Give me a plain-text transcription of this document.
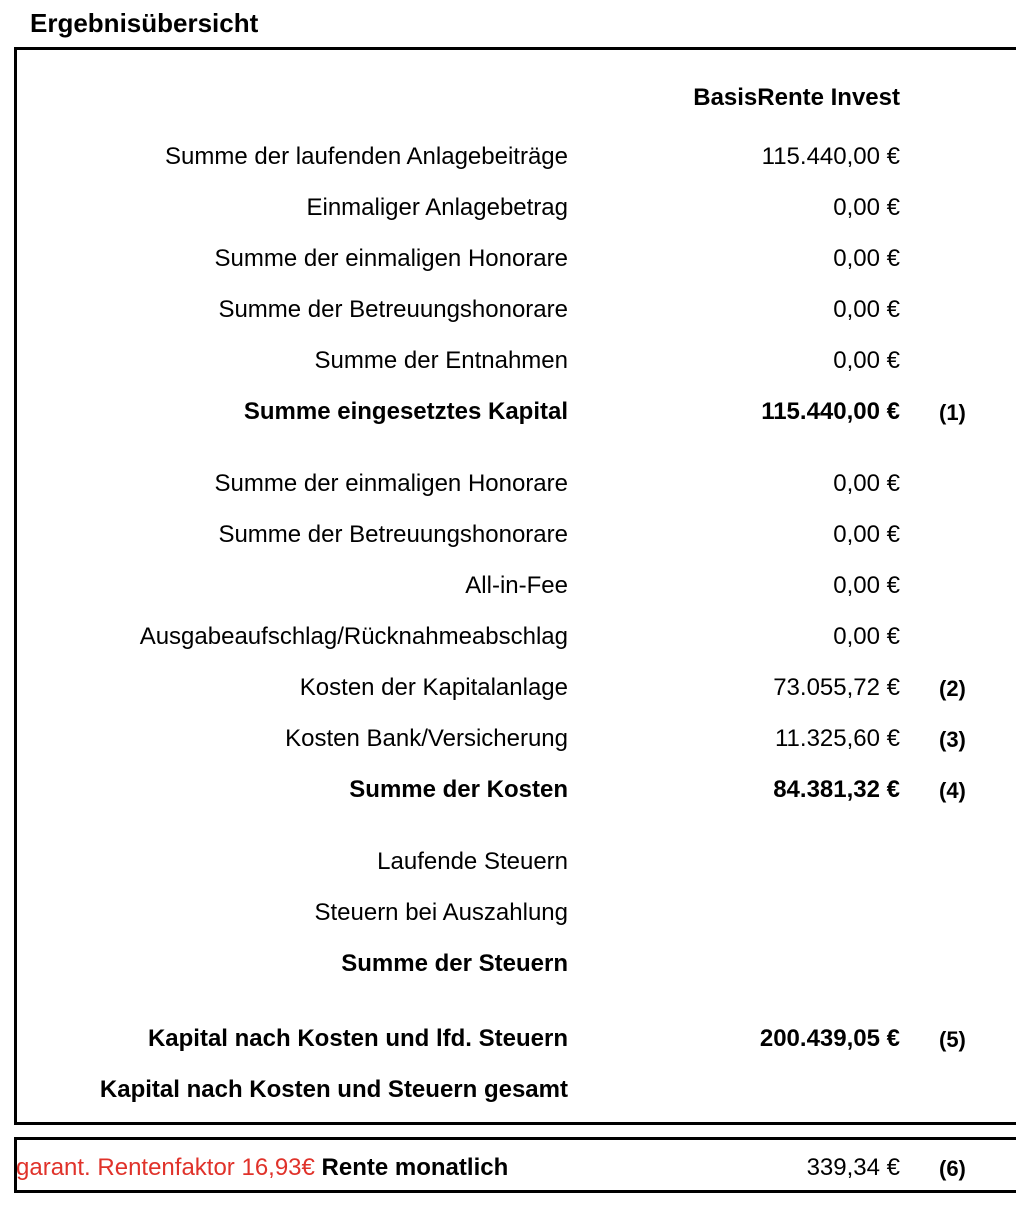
Ergebnisübersicht
BasisRente Invest
Summe der laufenden Anlagebeiträge	115.440,00 €
Einmaliger Anlagebetrag	0,00 €
Summe der einmaligen Honorare	0,00 €
Summe der Betreuungshonorare	0,00 €
Summe der Entnahmen	0,00 €
Summe eingesetztes Kapital	115.440,00 € (1)
Summe der einmaligen Honorare	0,00 €
Summe der Betreuungshonorare	0,00 €
All-in-Fee	0,00 €
Ausgabeaufschlag/Rücknahmeabschlag	0,00 €
Kosten der Kapitalanlage	73.055,72 € (2)
Kosten Bank/Versicherung	11.325,60 € (3)
Summe der Kosten	84.381,32 € (4)
Laufende Steuern
Steuern bei Auszahlung
Summe der Steuern
Kapital nach Kosten und lfd. Steuern	200.439,05 € (5)
Kapital nach Kosten und Steuern gesamt
garant. Rentenfaktor 16,93€ Rente monatlich	339,34 € (6)
